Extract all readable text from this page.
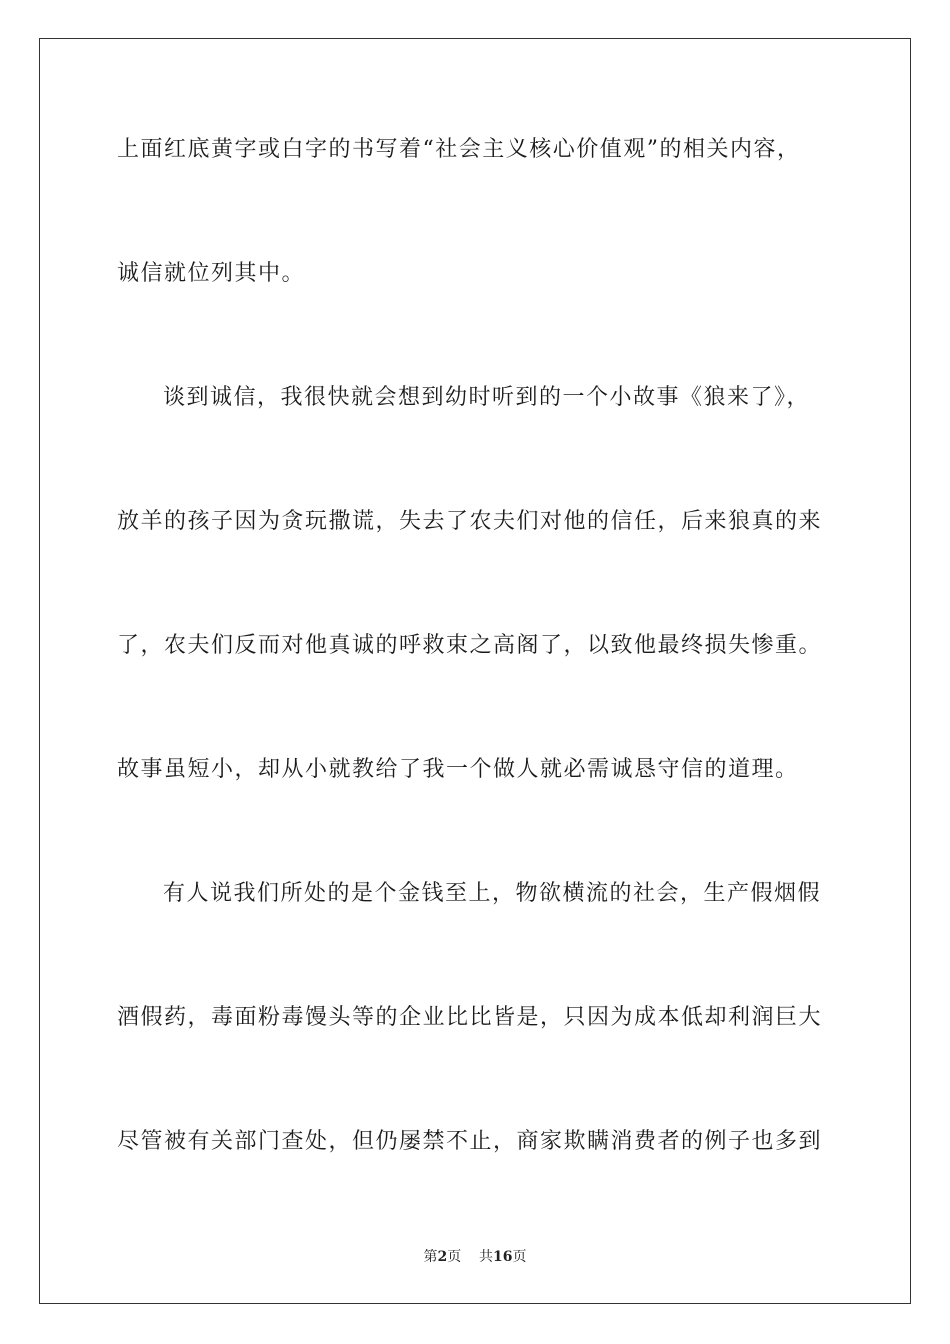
上面红底黄字或白字的书写着“社会主义核心价值观”的相关内容，
诚信就位列其中。
谈到诚信，我很快就会想到幼时听到的一个小故事《狼来了》，
放羊的孩子因为贪玩撒谎，失去了农夫们对他的信任，后来狼真的来
了，农夫们反而对他真诚的呼救束之高阁了，以致他最终损失惨重。
故事虽短小，却从小就教给了我一个做人就必需诚恳守信的道理。
有人说我们所处的是个金钱至上，物欲横流的社会，生产假烟假
酒假药，毒面粉毒馒头等的企业比比皆是，只因为成本低却利润巨大
尽管被有关部门查处，但仍屡禁不止，商家欺瞒消费者的例子也多到
第2页 共16页
